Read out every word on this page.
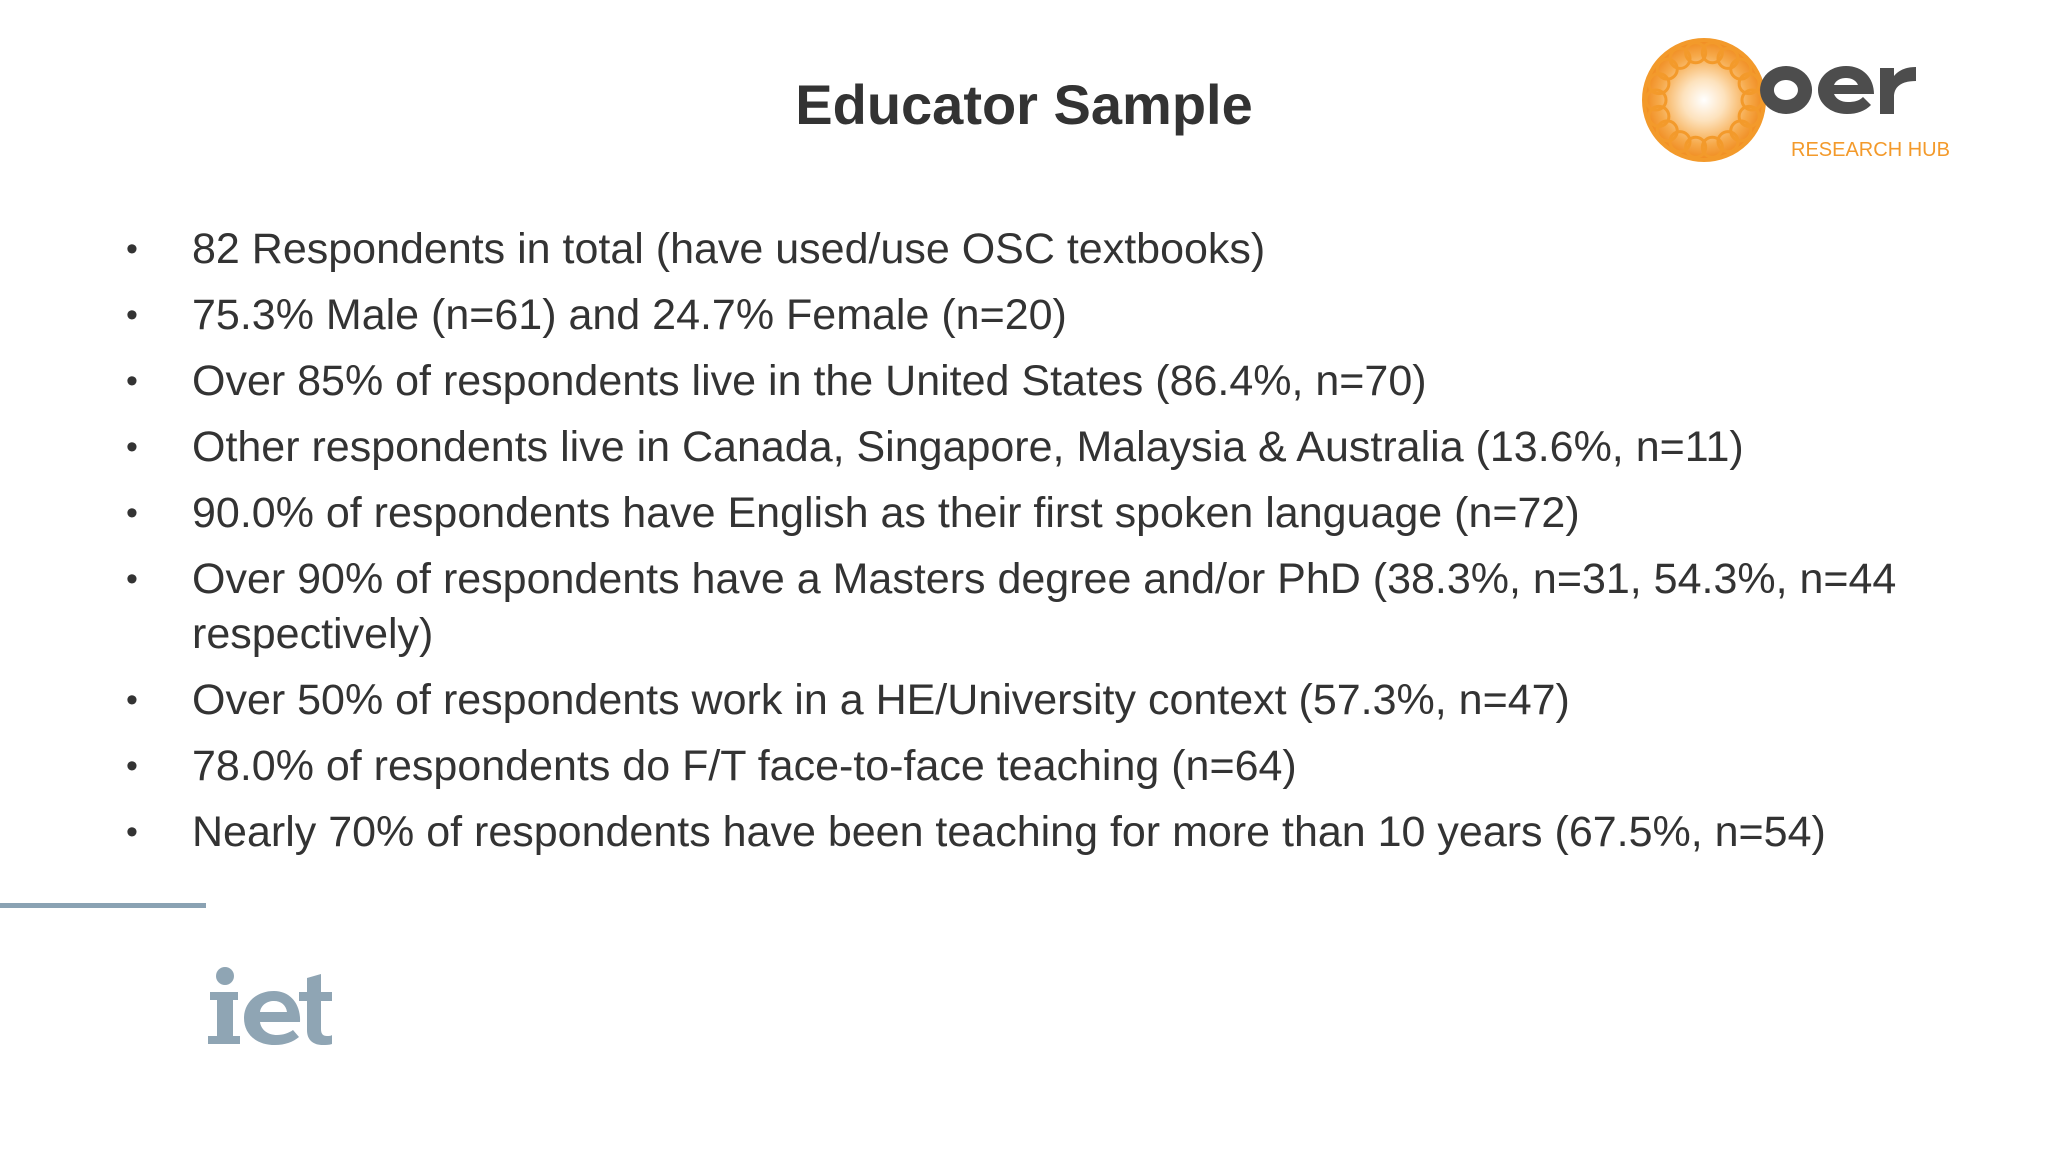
Educator Sample
RESEARCH HUB
• 82 Respondents in total (have used/use OSC textbooks)
• 75.3% Male (n=61) and 24.7% Female (n=20)
• Over 85% of respondents live in the United States (86.4%, n=70)
• Other respondents live in Canada, Singapore, Malaysia & Australia (13.6%, n=11)
• 90.0% of respondents have English as their first spoken language (n=72)
• Over 90% of respondents have a Masters degree and/or PhD (38.3%, n=31, 54.3%, n=44 respectively)
• Over 50% of respondents work in a HE/University context (57.3%, n=47)
• 78.0% of respondents do F/T face-to-face teaching (n=64)
• Nearly 70% of respondents have been teaching for more than 10 years (67.5%, n=54)
